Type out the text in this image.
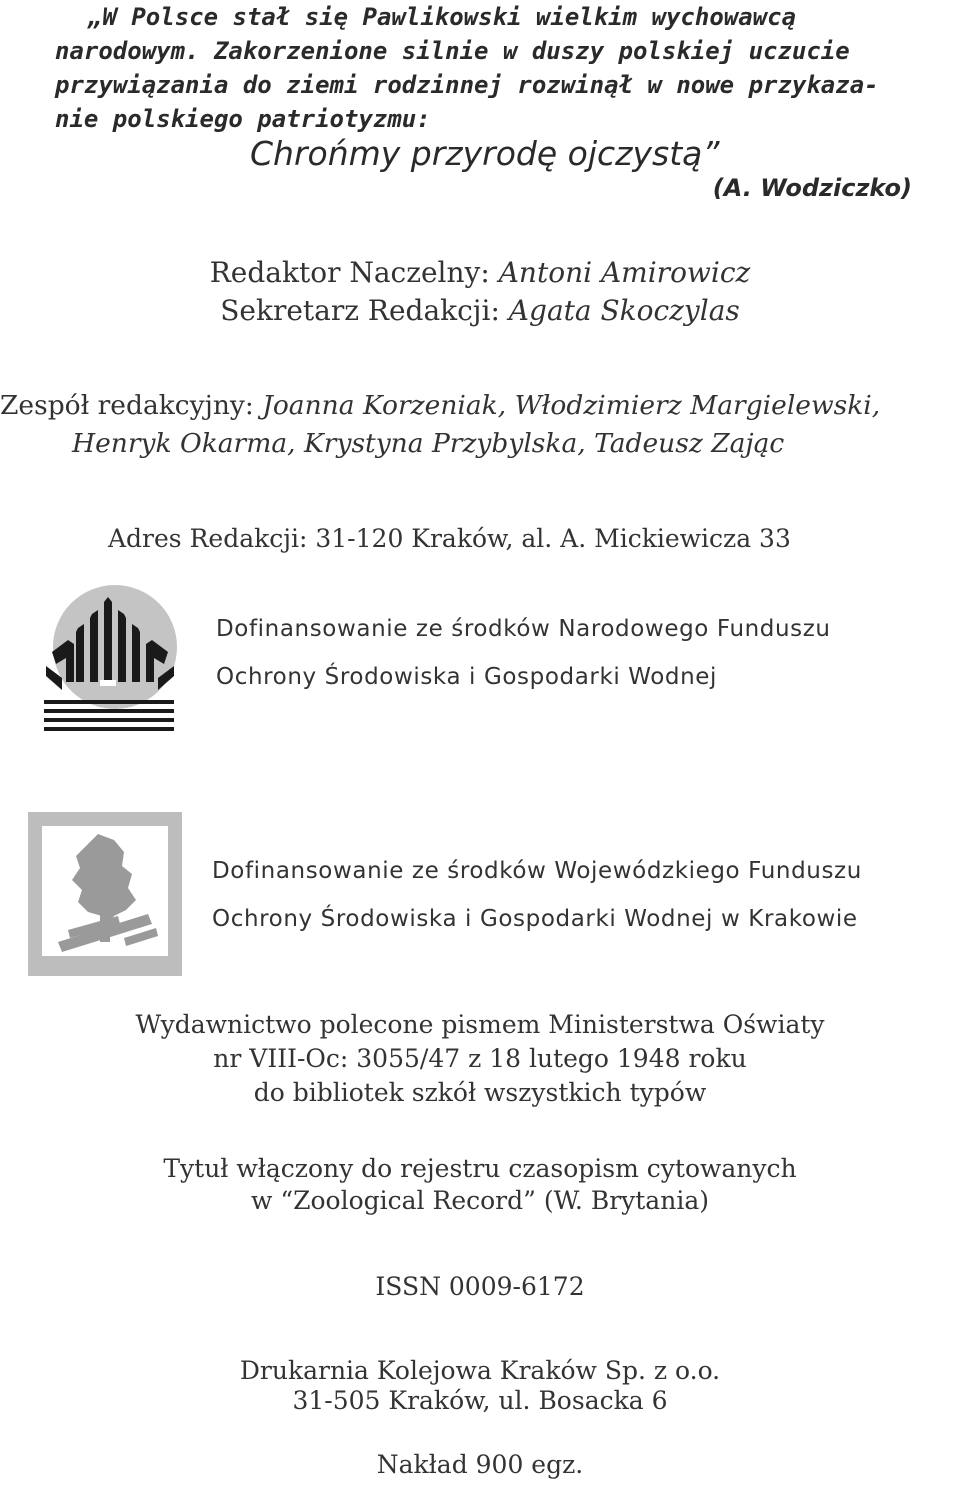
„W Polsce stał się Pawlikowski wielkim wychowawcą
narodowym. Zakorzenione silnie w duszy polskiej uczucie
przywiązania do ziemi rodzinnej rozwinął w nowe przykaza-
nie polskiego patriotyzmu:
Chrońmy przyrodę ojczystą”
(A. Wodziczko)
Redaktor Naczelny: Antoni Amirowicz
Sekretarz Redakcji: Agata Skoczylas
Zespół redakcyjny: Joanna Korzeniak, Włodzimierz Margielewski,
Henryk Okarma, Krystyna Przybylska, Tadeusz Zając
Adres Redakcji: 31-120 Kraków, al. A. Mickiewicza 33
Dofinansowanie ze środków Narodowego Funduszu
Ochrony Środowiska i Gospodarki Wodnej
Dofinansowanie ze środków Wojewódzkiego Funduszu
Ochrony Środowiska i Gospodarki Wodnej w Krakowie
Wydawnictwo polecone pismem Ministerstwa Oświaty
nr VIII-Oc: 3055/47 z 18 lutego 1948 roku
do bibliotek szkół wszystkich typów
Tytuł włączony do rejestru czasopism cytowanych
w “Zoological Record” (W. Brytania)
ISSN 0009-6172
Drukarnia Kolejowa Kraków Sp. z o.o.
31-505 Kraków, ul. Bosacka 6
Nakład 900 egz.
